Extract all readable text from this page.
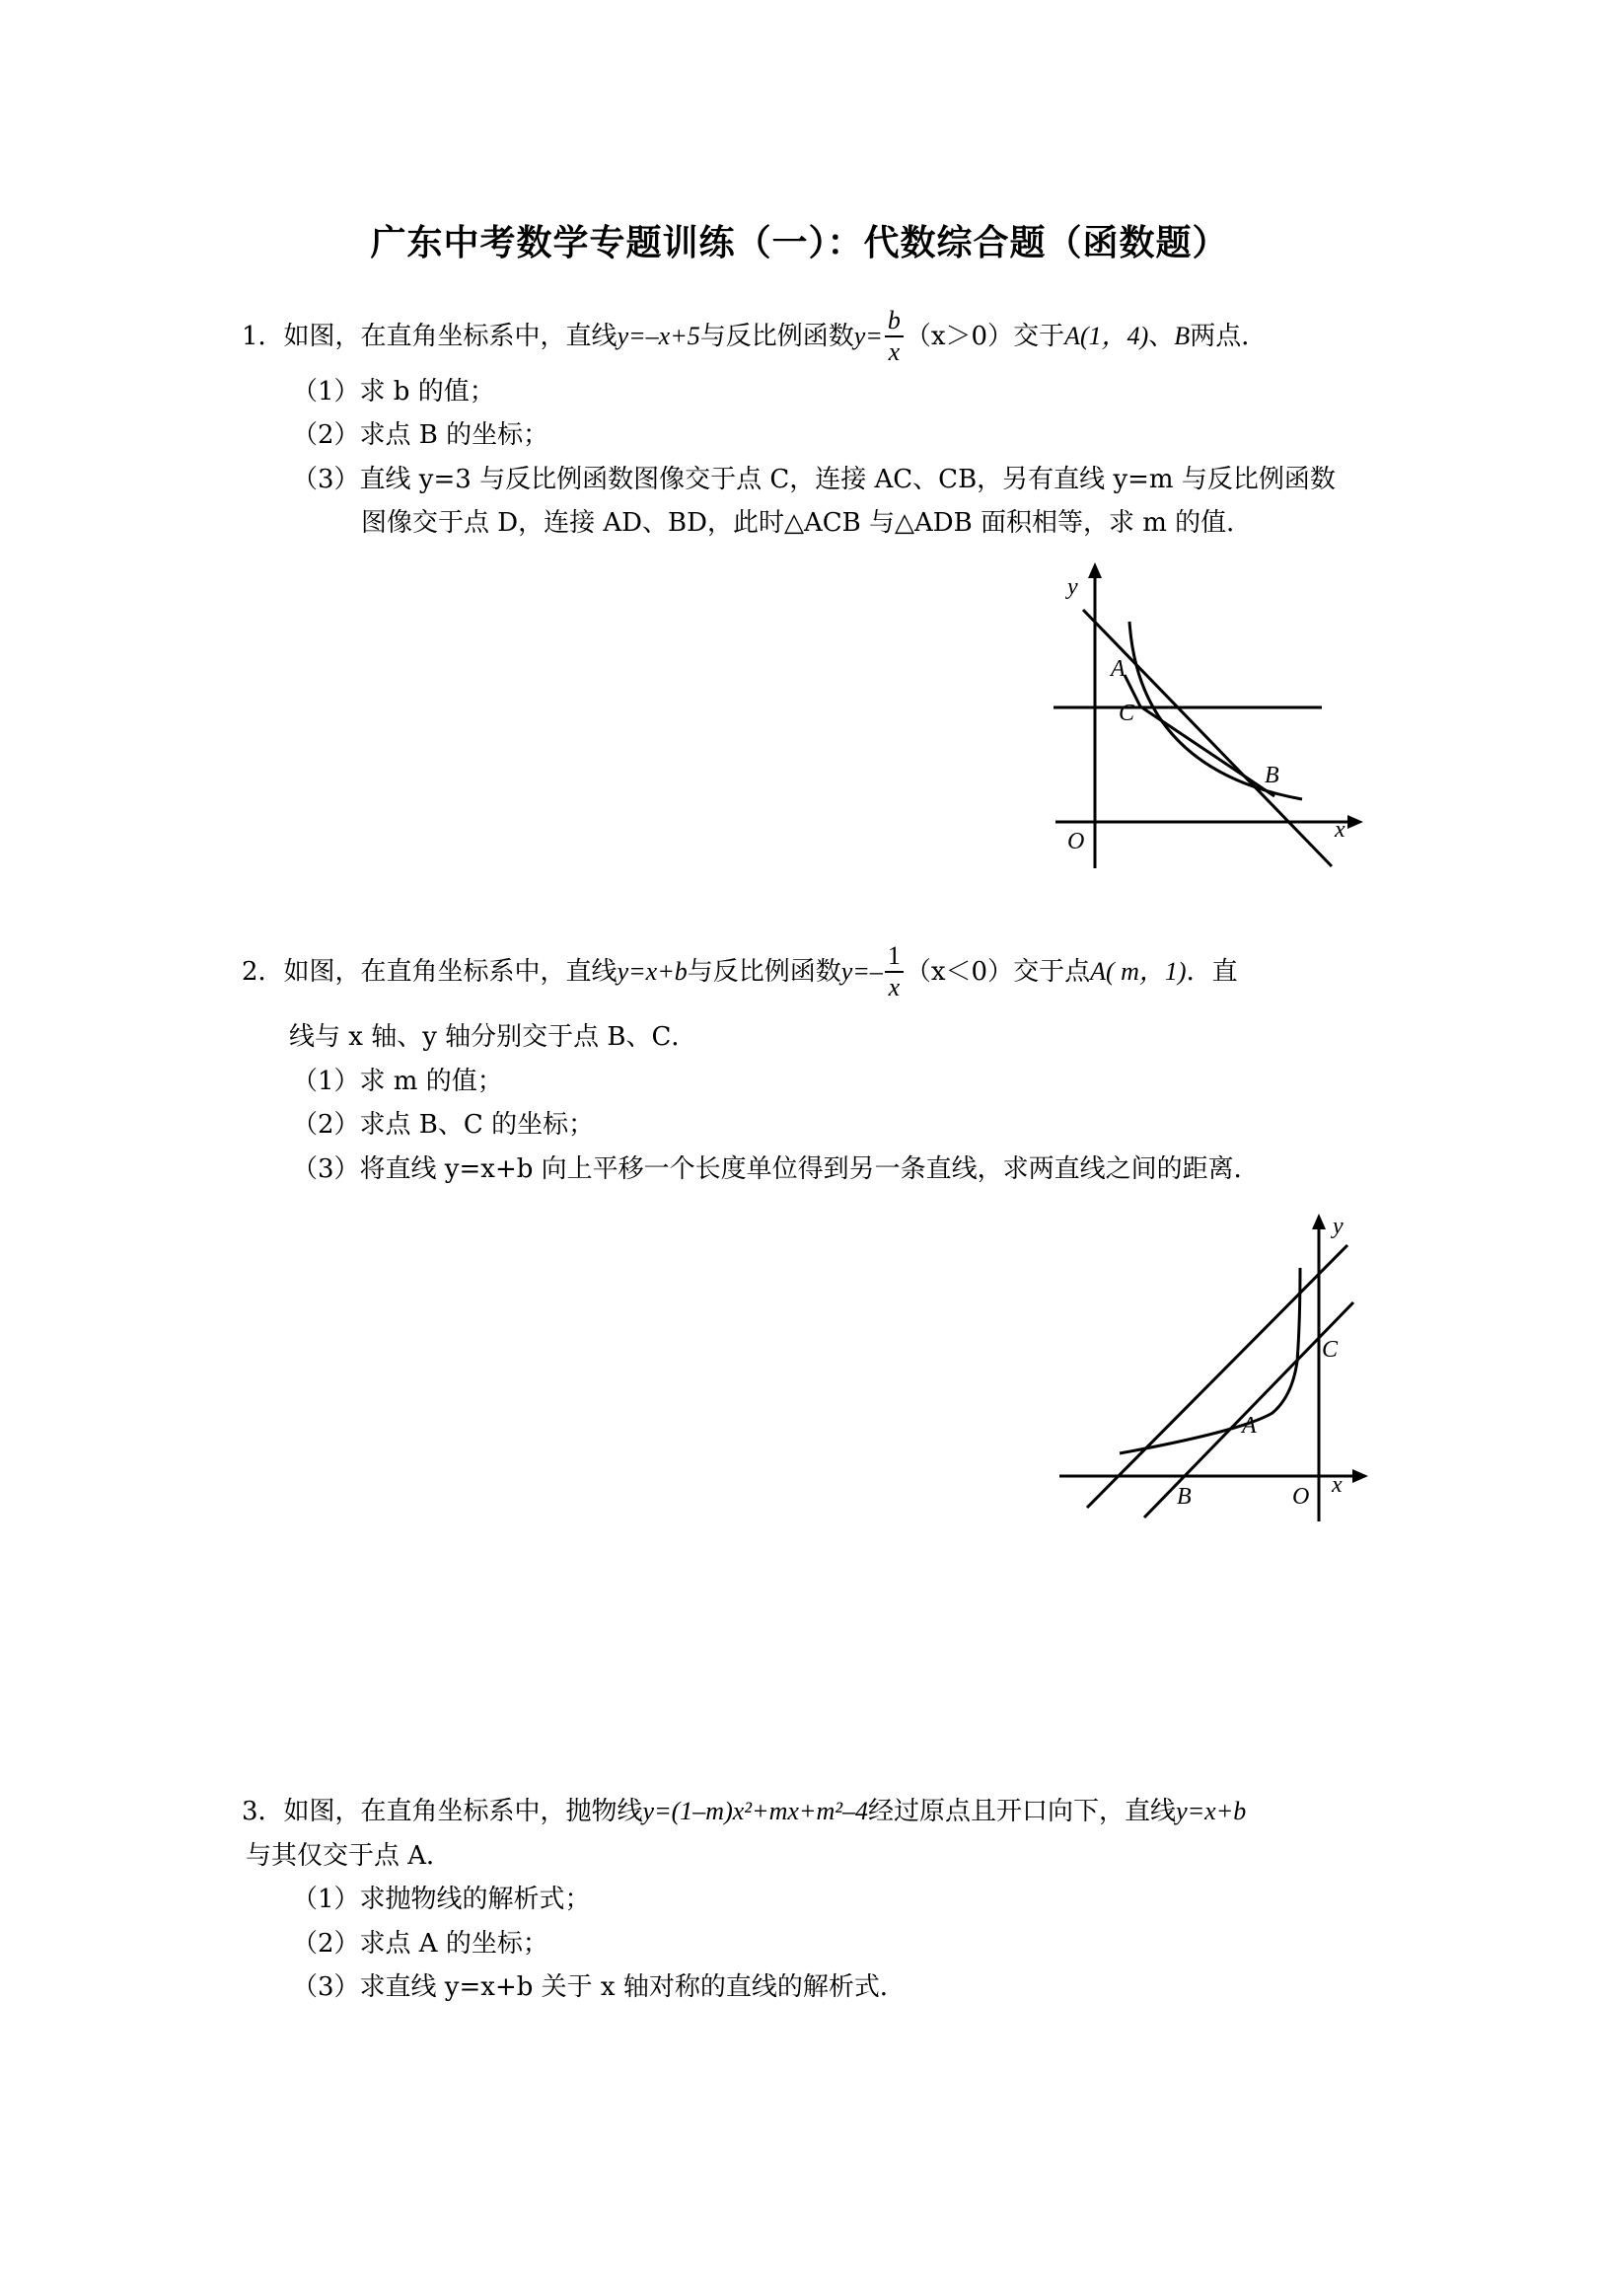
广东中考数学专题训练（一）：代数综合题（函数题）
1． 如图，在直角坐标系中，直线 y=–x+5 与反比例函数 $y= \frac{b}{x} (x>0)$ 交于 A(1，4) 、 B 两点．
（1）求 b 的值；
（2）求点 B 的坐标；
（3）直线 y=3 与反比例函数图像交于点 C，连接 AC、CB，另有直线 y=m 与反比例函数
图像交于点 D，连接 AD、BD，此时△ACB 与△ADB 面积相等，求 m 的值．
y
x
O
A
C
B
2． 如图，在直角坐标系中，直线 y=x+b 与反比例函数 $y=- \frac{1}{x} (x<0)$ 交于点 A( m，1) ．直
线与 x 轴、y 轴分别交于点 B、C．
（1）求 m 的值；
（2）求点 B、C 的坐标；
（3）将直线 y=x+b 向上平移一个长度单位得到另一条直线，求两直线之间的距离．
y
x
O
B
A
C
3．如图，在直角坐标系中，抛物线y=(1–m)x²+mx+m²–4经过原点且开口向下，直线y=x+b
与其仅交于点 A．
（1）求抛物线的解析式；
（2）求点 A 的坐标；
（3）求直线 y=x+b 关于 x 轴对称的直线的解析式．
